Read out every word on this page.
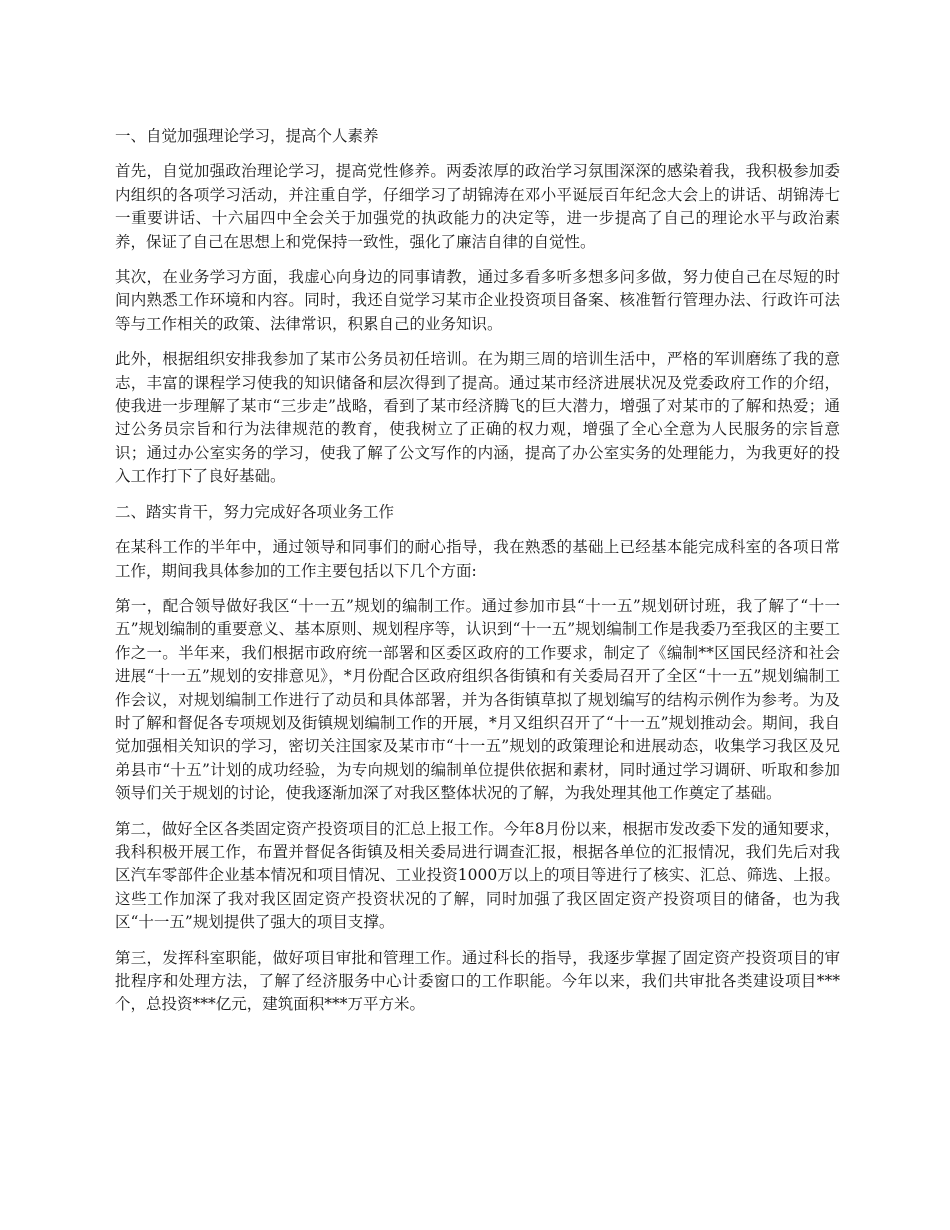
一、自觉加强理论学习，提高个人素养

首先，自觉加强政治理论学习，提高党性修养。两委浓厚的政治学习氛围深深的感染着我，我积极参加委内组织的各项学习活动，并注重自学，仔细学习了胡锦涛在邓小平诞辰百年纪念大会上的讲话、胡锦涛七一重要讲话、十六届四中全会关于加强党的执政能力的决定等，进一步提高了自己的理论水平与政治素养，保证了自己在思想上和党保持一致性，强化了廉洁自律的自觉性。

其次，在业务学习方面，我虚心向身边的同事请教，通过多看多听多想多问多做，努力使自己在尽短的时间内熟悉工作环境和内容。同时，我还自觉学习某市企业投资项目备案、核准暂行管理办法、行政许可法等与工作相关的政策、法律常识，积累自己的业务知识。

此外，根据组织安排我参加了某市公务员初任培训。在为期三周的培训生活中，严格的军训磨练了我的意志，丰富的课程学习使我的知识储备和层次得到了提高。通过某市经济进展状况及党委政府工作的介绍，使我进一步理解了某市“三步走”战略，看到了某市经济腾飞的巨大潜力，增强了对某市的了解和热爱；通过公务员宗旨和行为法律规范的教育，使我树立了正确的权力观，增强了全心全意为人民服务的宗旨意识；通过办公室实务的学习，使我了解了公文写作的内涵，提高了办公室实务的处理能力，为我更好的投入工作打下了良好基础。

二、踏实肯干，努力完成好各项业务工作

在某科工作的半年中，通过领导和同事们的耐心指导，我在熟悉的基础上已经基本能完成科室的各项日常工作，期间我具体参加的工作主要包括以下几个方面:

第一，配合领导做好我区“十一五”规划的编制工作。通过参加市县“十一五”规划研讨班，我了解了“十一五”规划编制的重要意义、基本原则、规划程序等，认识到“十一五”规划编制工作是我委乃至我区的主要工作之一。半年来，我们根据市政府统一部署和区委区政府的工作要求，制定了《编制**区国民经济和社会进展“十一五”规划的安排意见》，*月份配合区政府组织各街镇和有关委局召开了全区“十一五”规划编制工作会议，对规划编制工作进行了动员和具体部署，并为各街镇草拟了规划编写的结构示例作为参考。为及时了解和督促各专项规划及街镇规划编制工作的开展，*月又组织召开了“十一五”规划推动会。期间，我自觉加强相关知识的学习，密切关注国家及某市市“十一五”规划的政策理论和进展动态，收集学习我区及兄弟县市“十五”计划的成功经验，为专向规划的编制单位提供依据和素材，同时通过学习调研、听取和参加领导们关于规划的讨论，使我逐渐加深了对我区整体状况的了解，为我处理其他工作奠定了基础。

第二，做好全区各类固定资产投资项目的汇总上报工作。今年8月份以来，根据市发改委下发的通知要求，我科积极开展工作，布置并督促各街镇及相关委局进行调查汇报，根据各单位的汇报情况，我们先后对我区汽车零部件企业基本情况和项目情况、工业投资1000万以上的项目等进行了核实、汇总、筛选、上报。这些工作加深了我对我区固定资产投资状况的了解，同时加强了我区固定资产投资项目的储备，也为我区“十一五”规划提供了强大的项目支撑。

第三，发挥科室职能，做好项目审批和管理工作。通过科长的指导，我逐步掌握了固定资产投资项目的审批程序和处理方法，了解了经济服务中心计委窗口的工作职能。今年以来，我们共审批各类建设项目***个，总投资***亿元，建筑面积***万平方米。
